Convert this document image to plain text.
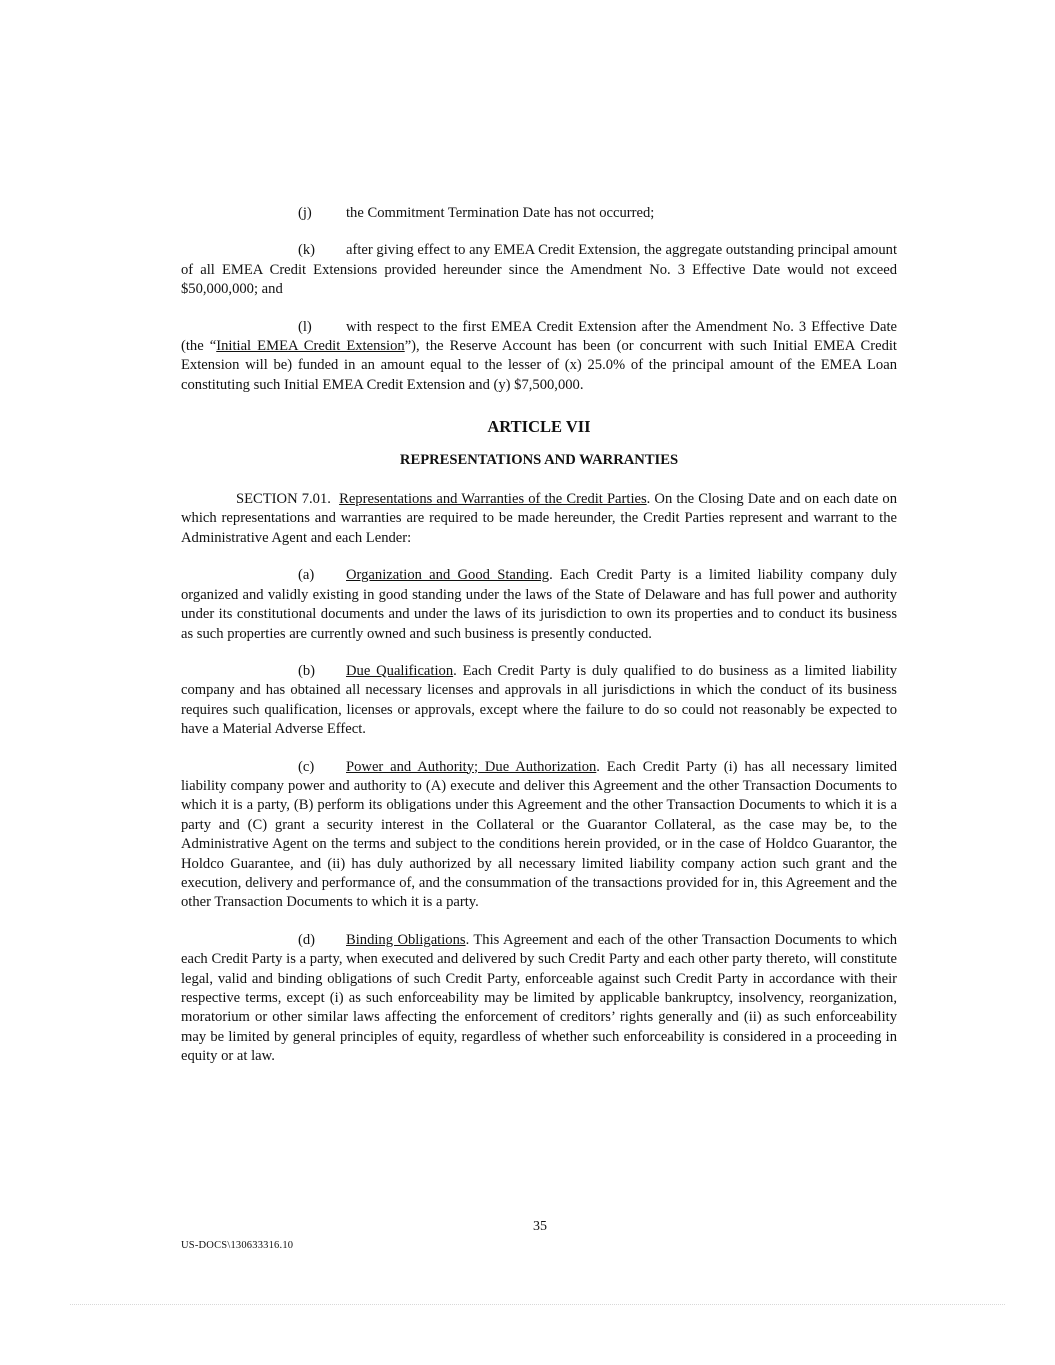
(j) the Commitment Termination Date has not occurred;

(k) after giving effect to any EMEA Credit Extension, the aggregate outstanding principal amount of all EMEA Credit Extensions provided hereunder since the Amendment No. 3 Effective Date would not exceed $50,000,000; and

(l) with respect to the first EMEA Credit Extension after the Amendment No. 3 Effective Date (the “Initial EMEA Credit Extension”), the Reserve Account has been (or concurrent with such Initial EMEA Credit Extension will be) funded in an amount equal to the lesser of (x) 25.0% of the principal amount of the EMEA Loan constituting such Initial EMEA Credit Extension and (y) $7,500,000.

ARTICLE VII
REPRESENTATIONS AND WARRANTIES

SECTION 7.01. Representations and Warranties of the Credit Parties. On the Closing Date and on each date on which representations and warranties are required to be made hereunder, the Credit Parties represent and warrant to the Administrative Agent and each Lender:

(a) Organization and Good Standing. Each Credit Party is a limited liability company duly organized and validly existing in good standing under the laws of the State of Delaware and has full power and authority under its constitutional documents and under the laws of its jurisdiction to own its properties and to conduct its business as such properties are currently owned and such business is presently conducted.

(b) Due Qualification. Each Credit Party is duly qualified to do business as a limited liability company and has obtained all necessary licenses and approvals in all jurisdictions in which the conduct of its business requires such qualification, licenses or approvals, except where the failure to do so could not reasonably be expected to have a Material Adverse Effect.

(c) Power and Authority; Due Authorization. Each Credit Party (i) has all necessary limited liability company power and authority to (A) execute and deliver this Agreement and the other Transaction Documents to which it is a party, (B) perform its obligations under this Agreement and the other Transaction Documents to which it is a party and (C) grant a security interest in the Collateral or the Guarantor Collateral, as the case may be, to the Administrative Agent on the terms and subject to the conditions herein provided, or in the case of Holdco Guarantor, the Holdco Guarantee, and (ii) has duly authorized by all necessary limited liability company action such grant and the execution, delivery and performance of, and the consummation of the transactions provided for in, this Agreement and the other Transaction Documents to which it is a party.

(d) Binding Obligations. This Agreement and each of the other Transaction Documents to which each Credit Party is a party, when executed and delivered by such Credit Party and each other party thereto, will constitute legal, valid and binding obligations of such Credit Party, enforceable against such Credit Party in accordance with their respective terms, except (i) as such enforceability may be limited by applicable bankruptcy, insolvency, reorganization, moratorium or other similar laws affecting the enforcement of creditors’ rights generally and (ii) as such enforceability may be limited by general principles of equity, regardless of whether such enforceability is considered in a proceeding in equity or at law.

35
US-DOCS\130633316.10
